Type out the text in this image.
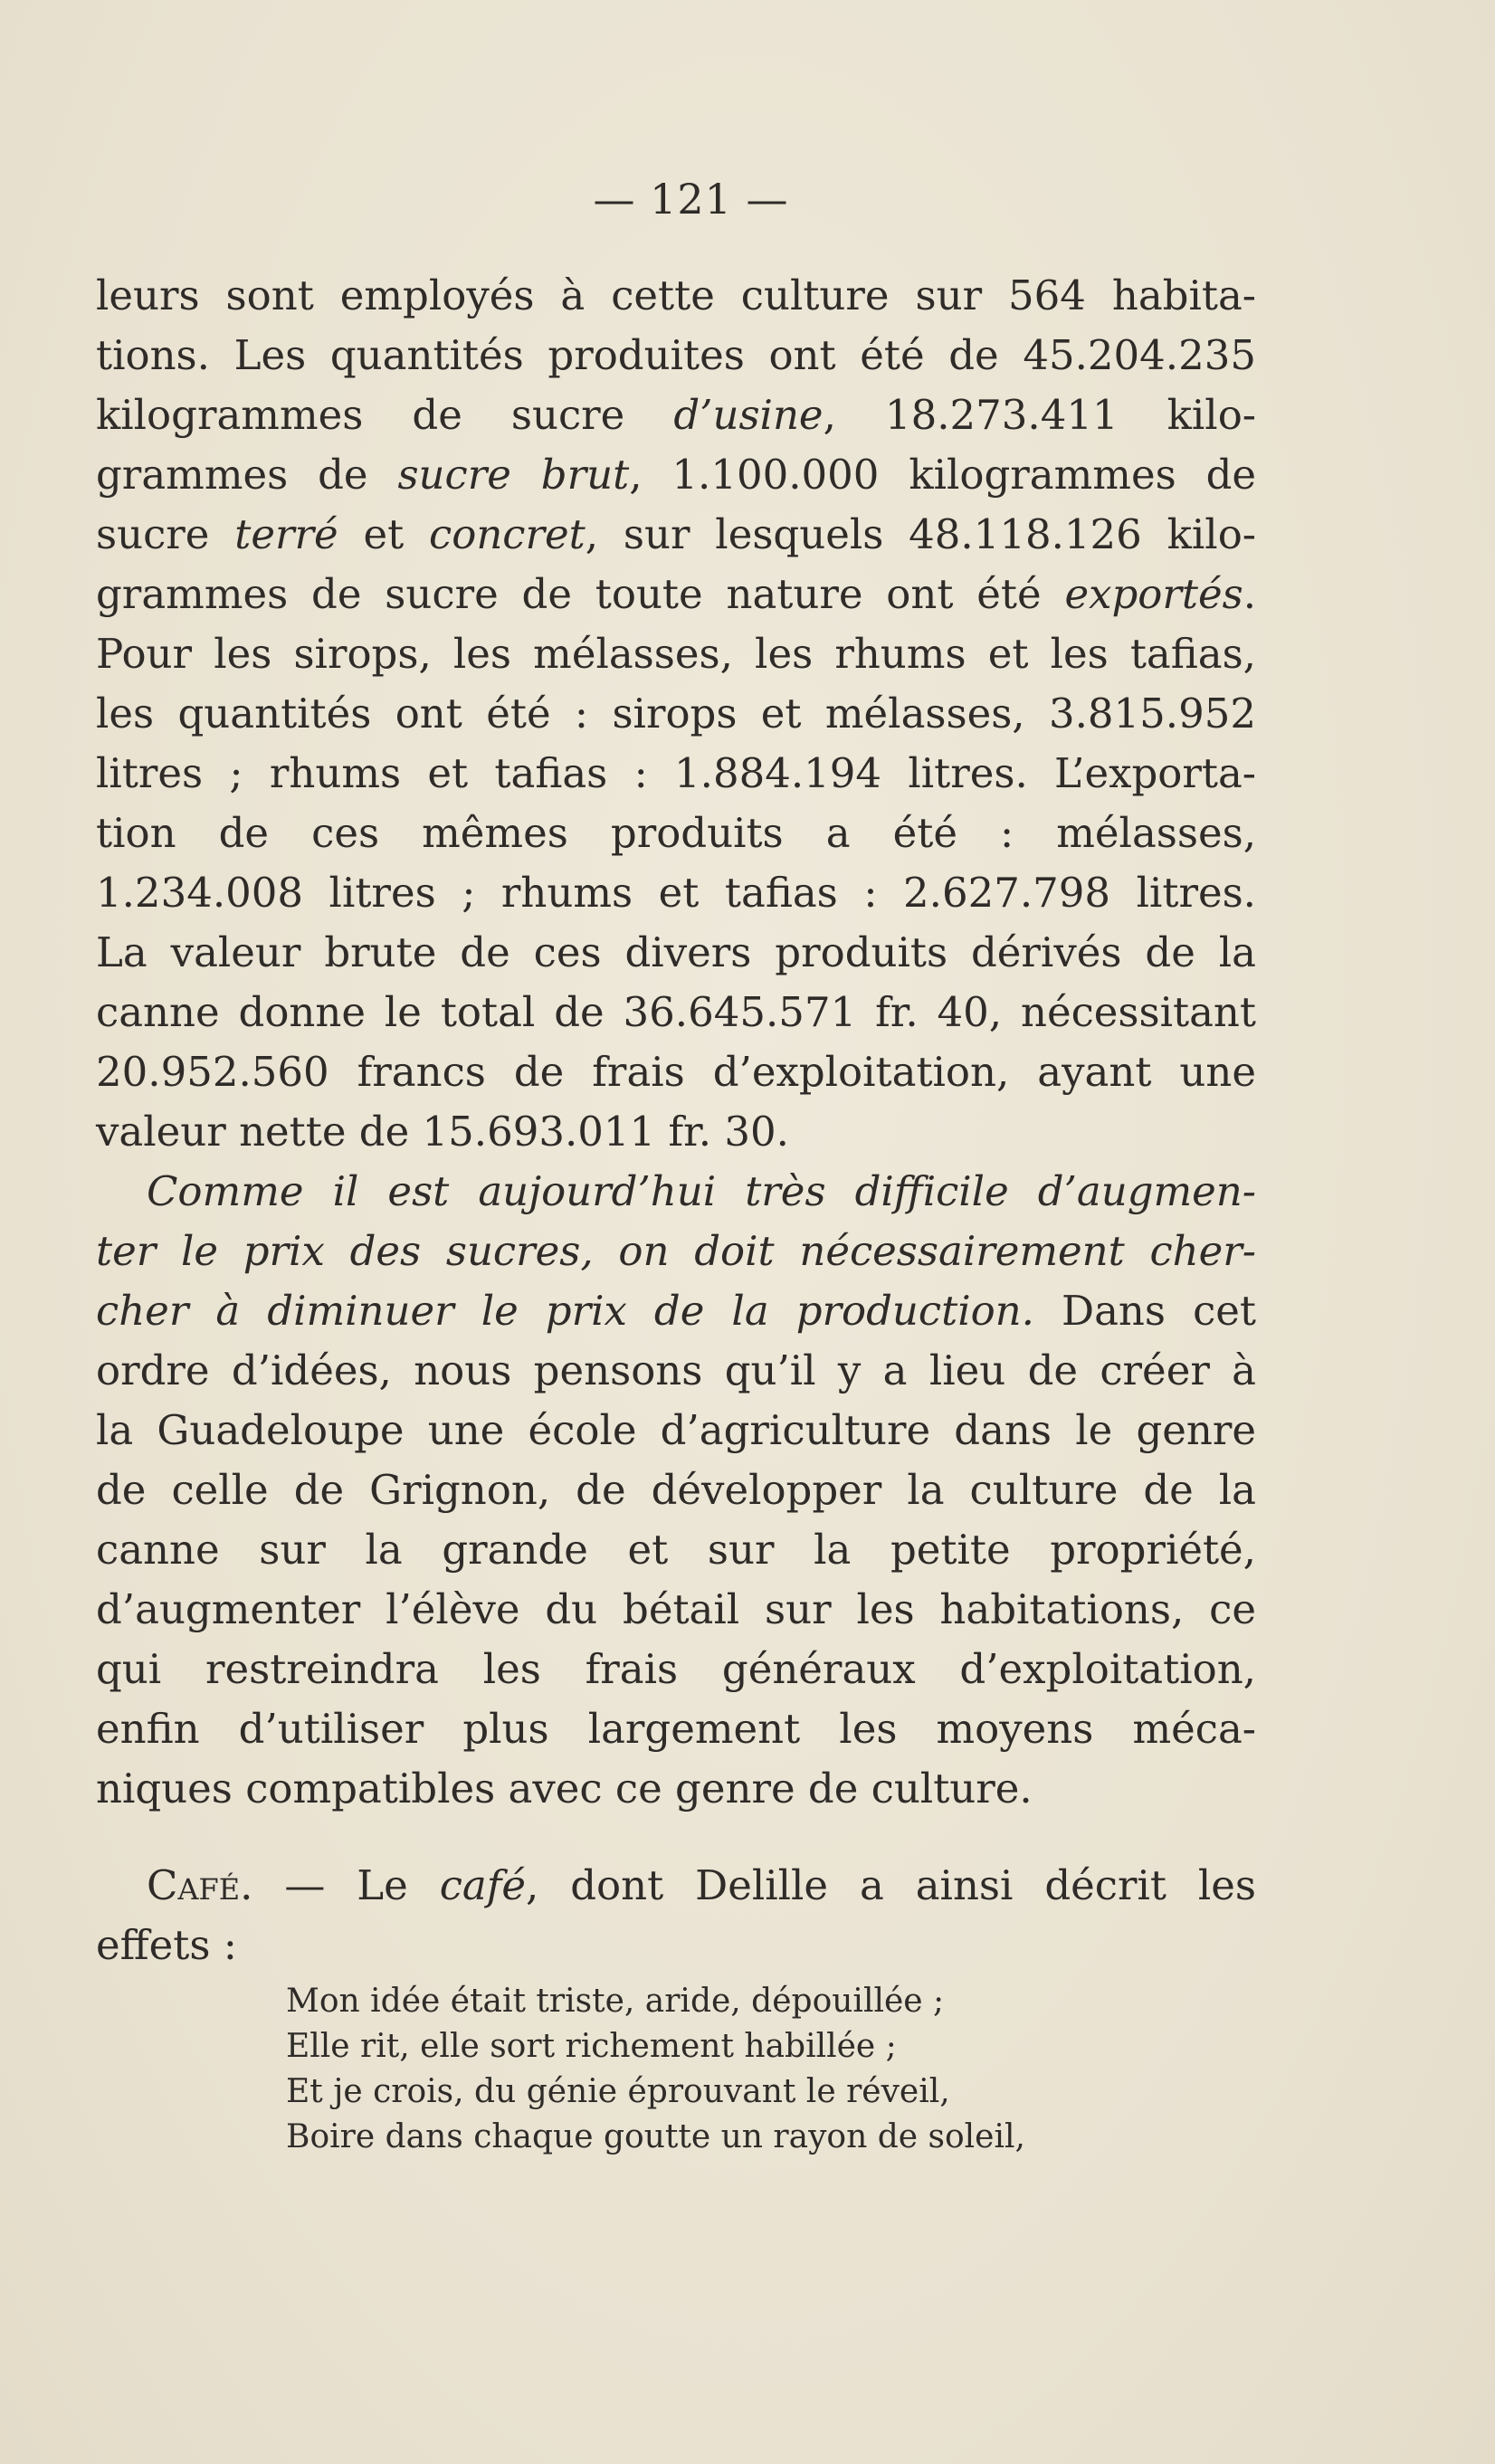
— 121 —
leurs sont employés à cette culture sur 564 habita-
tions. Les quantités produites ont été de 45.204.235
kilogrammes de sucre d’usine, 18.273.411 kilo-
grammes de sucre brut, 1.100.000 kilogrammes de
sucre terré et concret, sur lesquels 48.118.126 kilo-
grammes de sucre de toute nature ont été exportés.
Pour les sirops, les mélasses, les rhums et les tafias,
les quantités ont été : sirops et mélasses, 3.815.952
litres ; rhums et tafias : 1.884.194 litres. L’exporta-
tion de ces mêmes produits a été : mélasses,
1.234.008 litres ; rhums et tafias : 2.627.798 litres.
La valeur brute de ces divers produits dérivés de la
canne donne le total de 36.645.571 fr. 40, nécessitant
20.952.560 francs de frais d’exploitation, ayant une
valeur nette de 15.693.011 fr. 30.
Comme il est aujourd’hui très difficile d’augmen-
ter le prix des sucres, on doit nécessairement cher-
cher à diminuer le prix de la production. Dans cet
ordre d’idées, nous pensons qu’il y a lieu de créer à
la Guadeloupe une école d’agriculture dans le genre
de celle de Grignon, de développer la culture de la
canne sur la grande et sur la petite propriété,
d’augmenter l’élève du bétail sur les habitations, ce
qui restreindra les frais généraux d’exploitation,
enfin d’utiliser plus largement les moyens méca-
niques compatibles avec ce genre de culture.
Café. — Le café, dont Delille a ainsi décrit les
effets :
Mon idée était triste, aride, dépouillée ;
Elle rit, elle sort richement habillée ;
Et je crois, du génie éprouvant le réveil,
Boire dans chaque goutte un rayon de soleil,
